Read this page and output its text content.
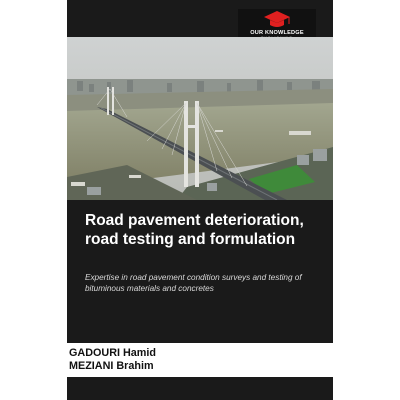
OUR KNOWLEDGE
Road pavement deterioration, road testing and formulation

Expertise in road pavement condition surveys and testing of bituminous materials and concretes

GADOURI Hamid
MEZIANI Brahim
